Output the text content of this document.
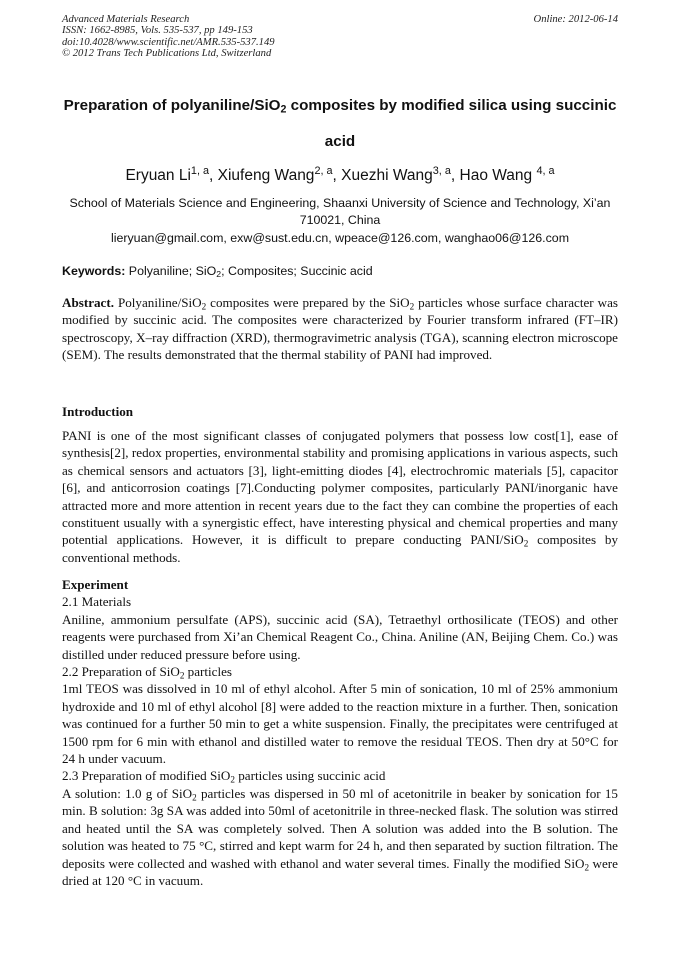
Advanced Materials Research
ISSN: 1662-8985, Vols. 535-537, pp 149-153
doi:10.4028/www.scientific.net/AMR.535-537.149
© 2012 Trans Tech Publications Ltd, Switzerland
Online: 2012-06-14
Preparation of polyaniline/SiO$_2$ composites by modified silica using succinic acid
Eryuan Li$^{1, a}$, Xiufeng Wang$^{2, a}$, Xuezhi Wang$^{3, a}$, Hao Wang $^{4, a}$
School of Materials Science and Engineering, Shaanxi University of Science and Technology, Xi’an
710021, China
lieryuan@gmail.com, exw@sust.edu.cn, wpeace@126.com, wanghao06@126.com
Keywords: Polyaniline; SiO$_2$; Composites; Succinic acid
Abstract. Polyaniline/SiO$_2$ composites were prepared by the SiO$_2$ particles whose surface character was modified by succinic acid. The composites were characterized by Fourier transform infrared (FT–IR) spectroscopy, X–ray diffraction (XRD), thermogravimetric analysis (TGA), scanning electron microscope (SEM). The results demonstrated that the thermal stability of PANI had improved.
Introduction
PANI is one of the most significant classes of conjugated polymers that possess low cost[1], ease of synthesis[2], redox properties, environmental stability and promising applications in various aspects, such as chemical sensors and actuators [3], light-emitting diodes [4], electrochromic materials [5], capacitor [6], and anticorrosion coatings [7].Conducting polymer composites, particularly PANI/inorganic have attracted more and more attention in recent years due to the fact they can combine the properties of each constituent usually with a synergistic effect, have interesting physical and chemical properties and many potential applications. However, it is difficult to prepare conducting PANI/SiO$_2$ composites by conventional methods.

Experiment

2.1 Materials

Aniline, ammonium persulfate (APS), succinic acid (SA), Tetraethyl orthosilicate (TEOS) and other reagents were purchased from Xi’an Chemical Reagent Co., China. Aniline (AN, Beijing Chem. Co.) was distilled under reduced pressure before using.

2.2 Preparation of SiO$_2$ particles

1ml TEOS was dissolved in 10 ml of ethyl alcohol. After 5 min of sonication, 10 ml of 25% ammonium hydroxide and 10 ml of ethyl alcohol [8] were added to the reaction mixture in a further. Then, sonication was continued for a further 50 min to get a white suspension. Finally, the precipitates were centrifuged at 1500 rpm for 6 min with ethanol and distilled water to remove the residual TEOS. Then dry at 50°C for 24 h under vacuum.

2.3 Preparation of modified SiO$_2$ particles using succinic acid

A solution: 1.0 g of SiO$_2$ particles was dispersed in 50 ml of acetonitrile in beaker by sonication for 15 min. B solution: 3g SA was added into 50ml of acetonitrile in three-necked flask. The solution was stirred and heated until the SA was completely solved. Then A solution was added into the B solution. The solution was heated to 75 °C, stirred and kept warm for 24 h, and then separated by suction filtration. The deposits were collected and washed with ethanol and water several times. Finally the modified SiO$_2$ were dried at 120 °C in vacuum.
